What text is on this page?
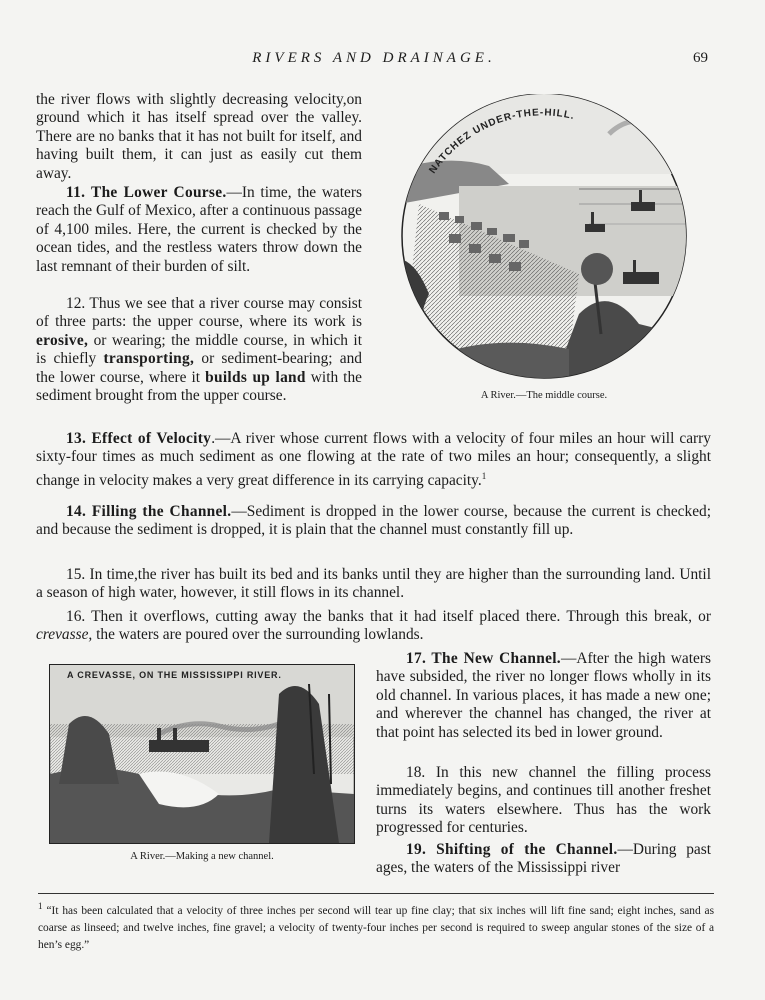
RIVERS AND DRAINAGE.	69

the river flows with slightly decreasing velocity,on ground which it has itself spread over the valley. There are no banks that it has not built for itself, and having built them, it can just as easily cut them away.

11. The Lower Course.—In time, the waters reach the Gulf of Mexico, after a continuous passage of 4,100 miles. Here, the current is checked by the ocean tides, and the restless waters throw down the last remnant of their burden of silt.

12. Thus we see that a river course may consist of three parts: the upper course, where its work is erosive, or wearing; the middle course, in which it is chiefly transporting, or sediment-bearing; and the lower course, where it builds up land with the sediment brought from the upper course.

NATCHEZ UNDER-THE-HILL.
A River.—The middle course.

13. Effect of Velocity.—A river whose current flows with a velocity of four miles an hour will carry sixty-four times as much sediment as one flowing at the rate of two miles an hour; consequently, a slight change in velocity makes a very great difference in its carrying capacity.$^1$

14. Filling the Channel.—Sediment is dropped in the lower course, because the current is checked; and because the sediment is dropped, it is plain that the channel must constantly fill up.

15. In time,the river has built its bed and its banks until they are higher than the surrounding land. Until a season of high water, however, it still flows in its channel.

16. Then it overflows, cutting away the banks that it had itself placed there. Through this break, or crevasse, the waters are poured over the surrounding lowlands.

A CREVASSE, ON THE MISSISSIPPI RIVER.
A River.—Making a new channel.

17. The New Channel.—After the high waters have subsided, the river no longer flows wholly in its old channel. In various places, it has made a new one; and wherever the channel has changed, the river at that point has selected its bed in lower ground.

18. In this new channel the filling process immediately begins, and continues till another freshet turns its waters elsewhere. Thus has the work progressed for centuries.

19. Shifting of the Channel.—During past ages, the waters of the Mississippi river

$^1$ “It has been calculated that a velocity of three inches per second will tear up fine clay; that six inches will lift fine sand; eight inches, sand as coarse as linseed; and twelve inches, fine gravel; a velocity of twenty-four inches per second is required to sweep angular stones of the size of a hen’s egg.”
